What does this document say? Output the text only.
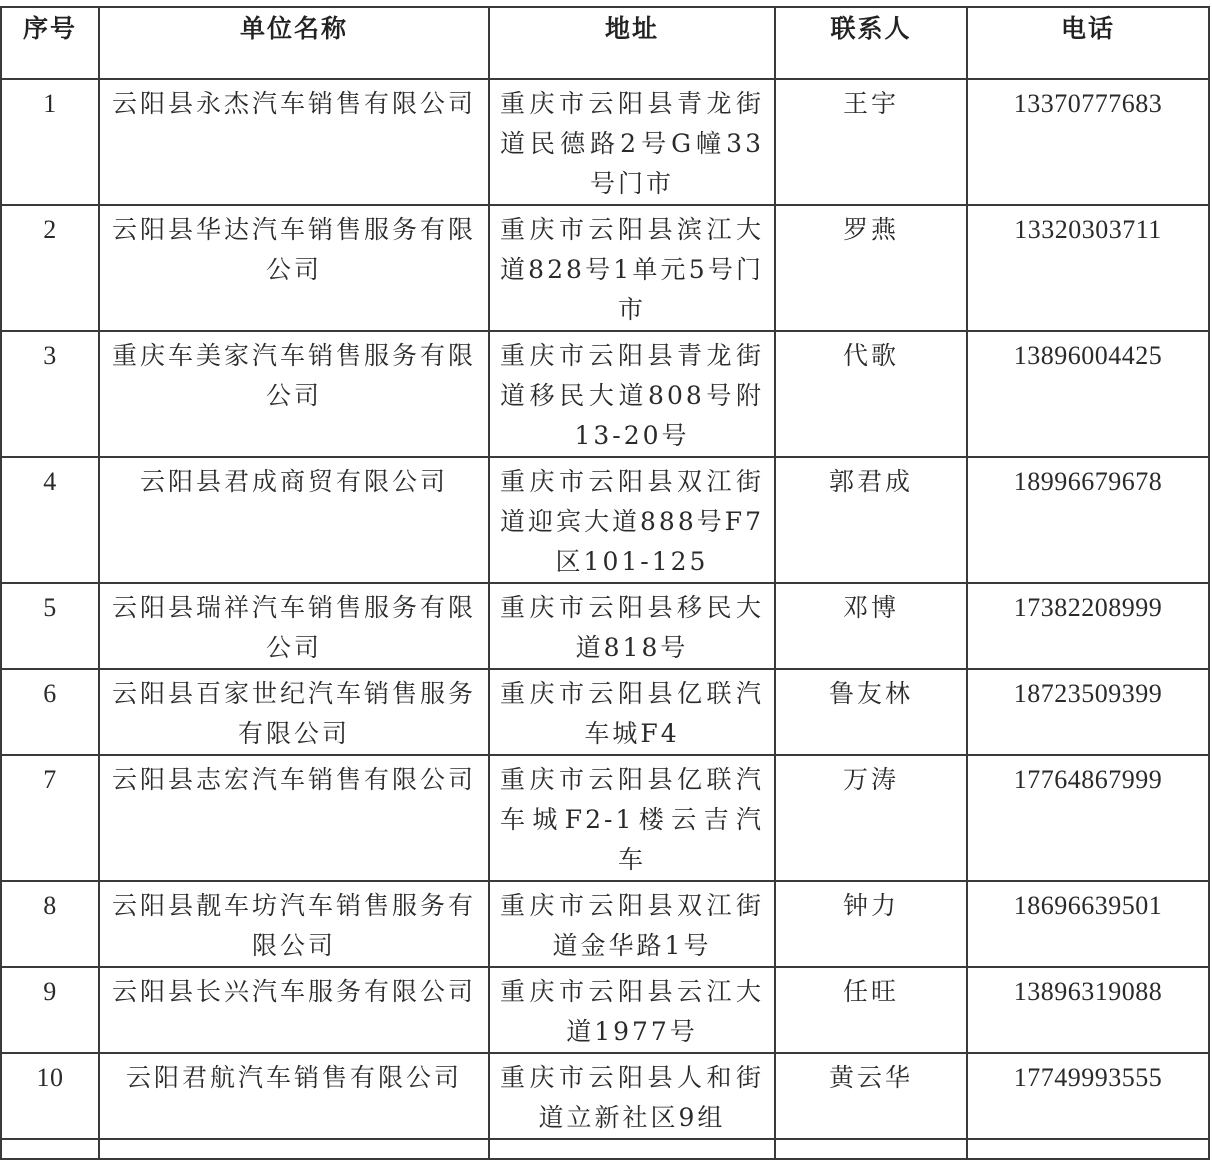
序号	单位名称	地址	联系人	电话
1	云阳县永杰汽车销售有限公司	重庆市云阳县青龙街道民德路2号G幢33号门市	王宇	13370777683
2	云阳县华达汽车销售服务有限公司	重庆市云阳县滨江大道828号1单元5号门市	罗燕	13320303711
3	重庆车美家汽车销售服务有限公司	重庆市云阳县青龙街道移民大道808号附13-20号	代歌	13896004425
4	云阳县君成商贸有限公司	重庆市云阳县双江街道迎宾大道888号F7区101-125	郭君成	18996679678
5	云阳县瑞祥汽车销售服务有限公司	重庆市云阳县移民大道818号	邓博	17382208999
6	云阳县百家世纪汽车销售服务有限公司	重庆市云阳县亿联汽车城F4	鲁友林	18723509399
7	云阳县志宏汽车销售有限公司	重庆市云阳县亿联汽车城F2-1楼云吉汽车	万涛	17764867999
8	云阳县靓车坊汽车销售服务有限公司	重庆市云阳县双江街道金华路1号	钟力	18696639501
9	云阳县长兴汽车服务有限公司	重庆市云阳县云江大道1977号	任旺	13896319088
10	云阳君航汽车销售有限公司	重庆市云阳县人和街道立新社区9组	黄云华	17749993555
